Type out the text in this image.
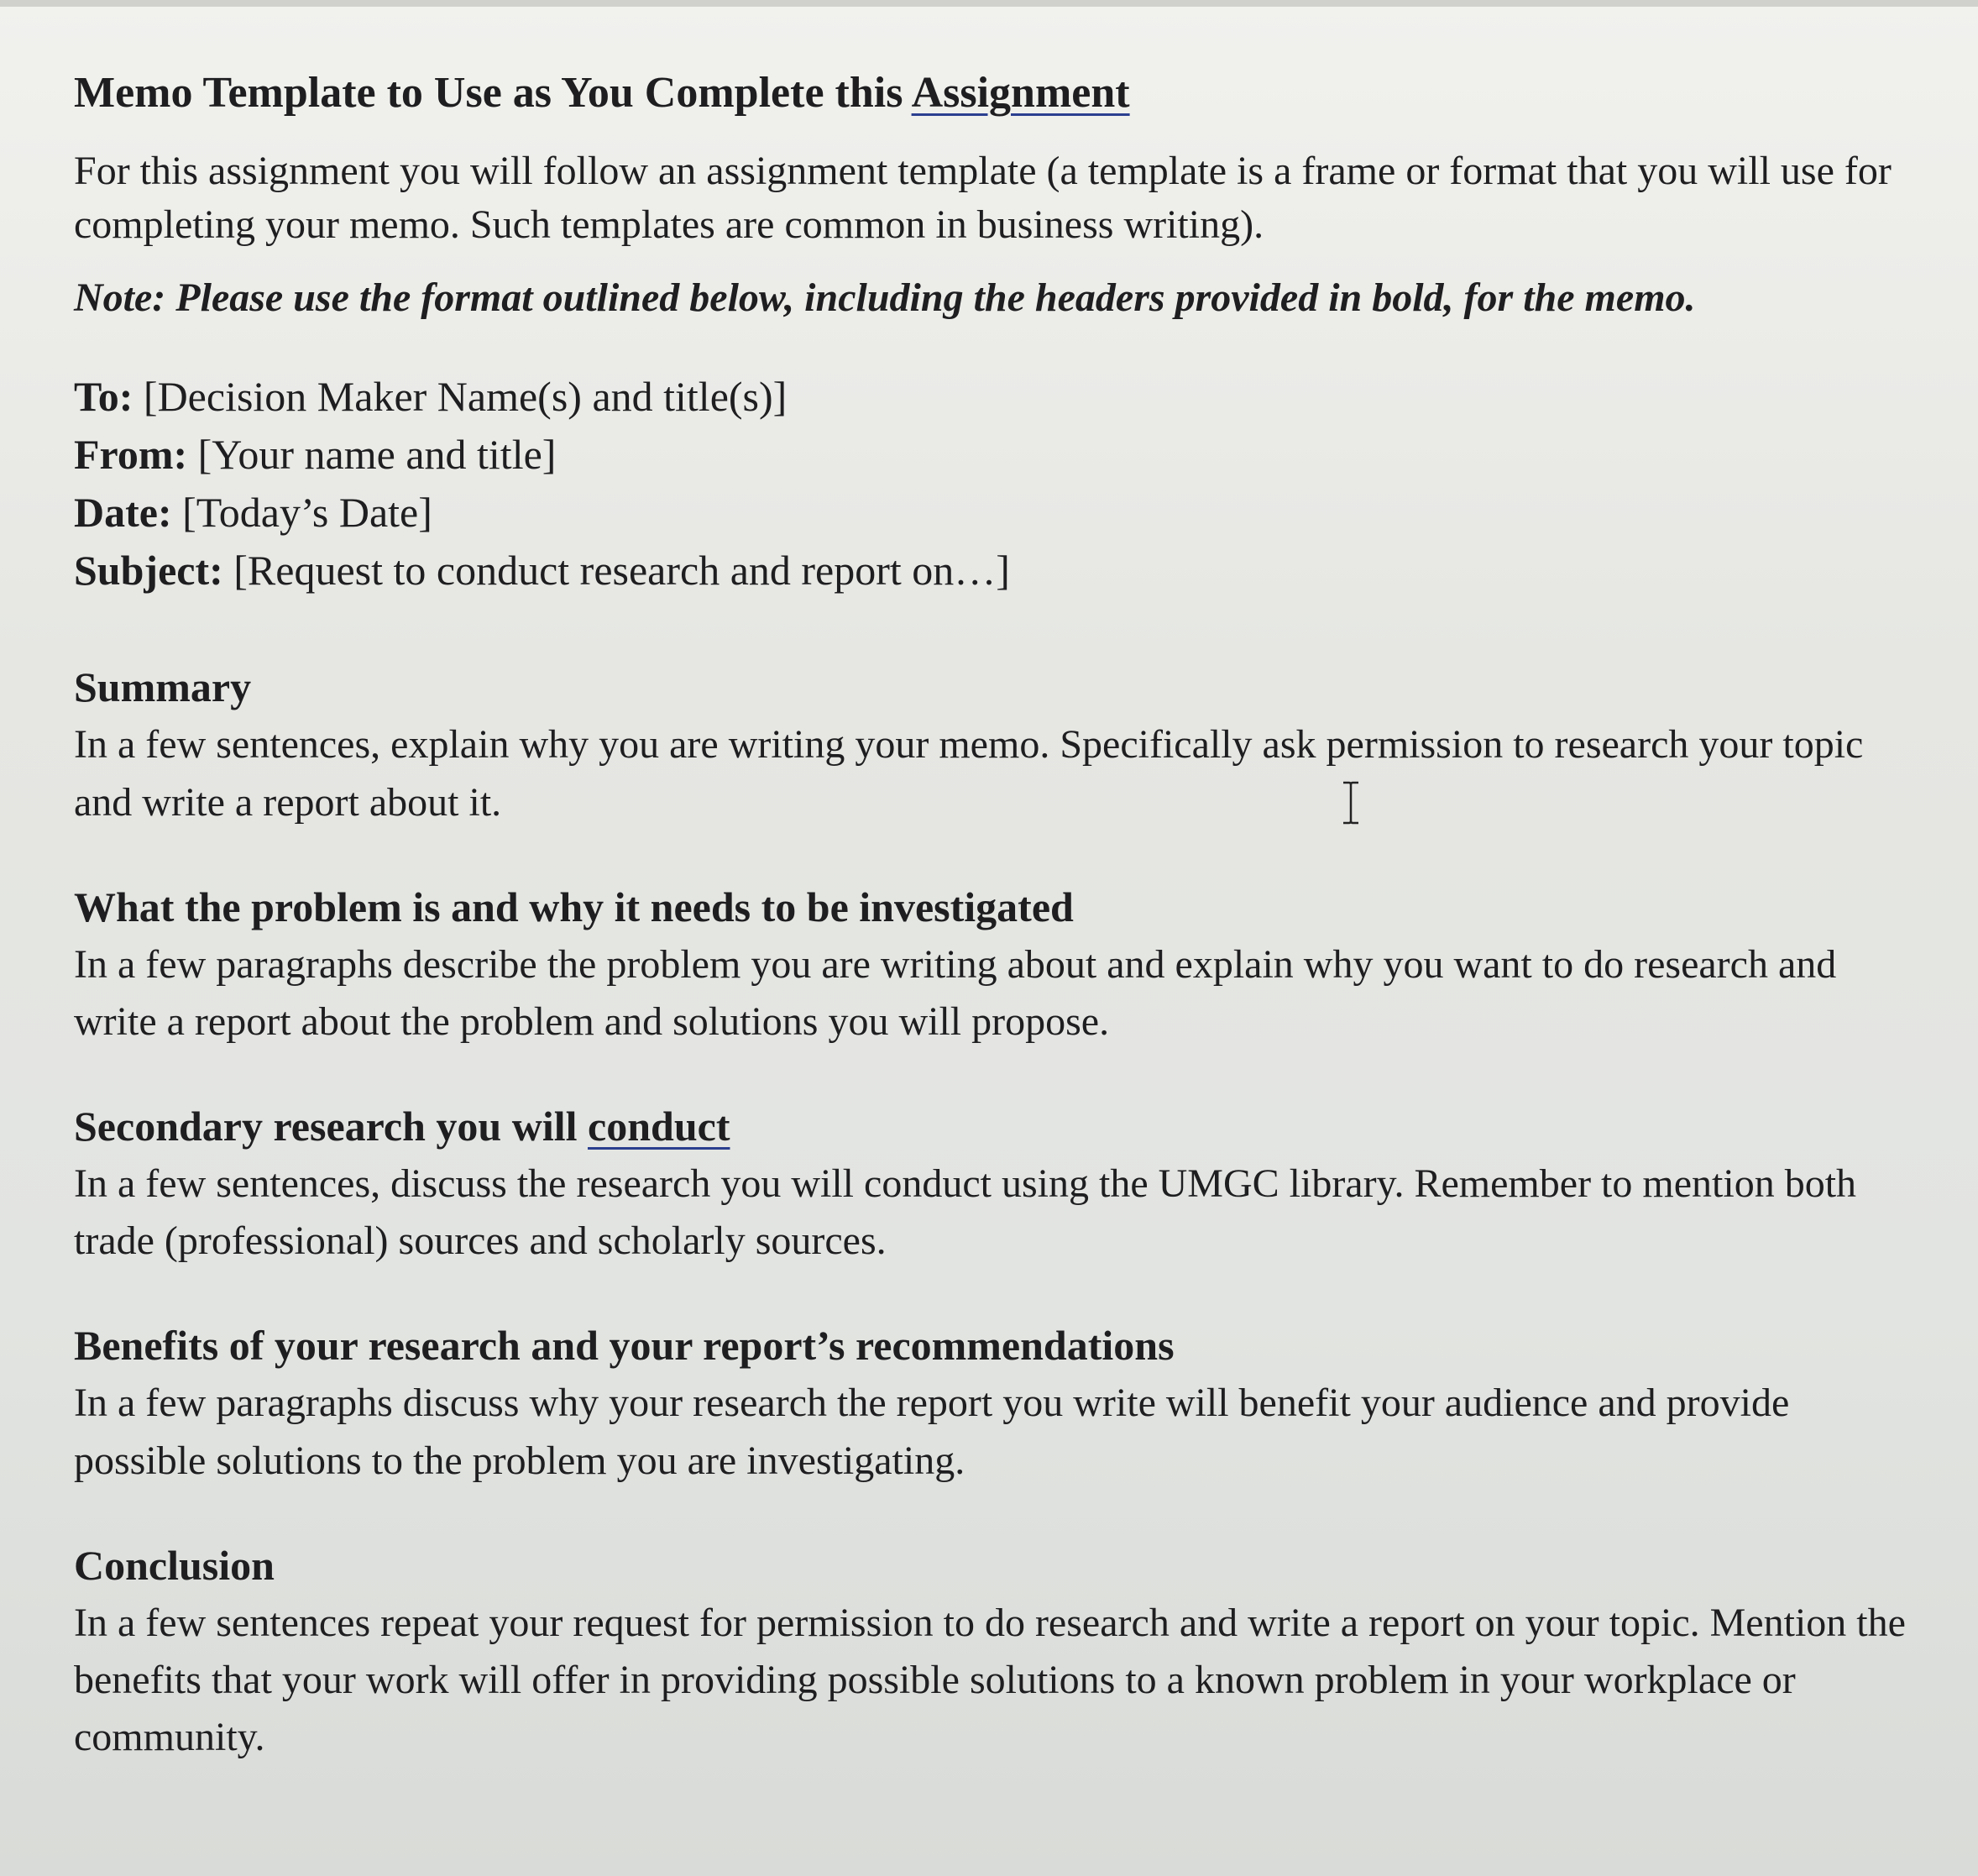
Memo Template to Use as You Complete this Assignment

For this assignment you will follow an assignment template (a template is a frame or format that you will use for completing your memo. Such templates are common in business writing).

Note: Please use the format outlined below, including the headers provided in bold, for the memo.

To: [Decision Maker Name(s) and title(s)]
From: [Your name and title]
Date: [Today’s Date]
Subject: [Request to conduct research and report on…]
Summary

In a few sentences, explain why you are writing your memo. Specifically ask permission to research your topic and write a report about it.

What the problem is and why it needs to be investigated

In a few paragraphs describe the problem you are writing about and explain why you want to do research and write a report about the problem and solutions you will propose.

Secondary research you will conduct

In a few sentences, discuss the research you will conduct using the UMGC library. Remember to mention both trade (professional) sources and scholarly sources.

Benefits of your research and your report’s recommendations

In a few paragraphs discuss why your research the report you write will benefit your audience and provide possible solutions to the problem you are investigating.

Conclusion

In a few sentences repeat your request for permission to do research and write a report on your topic. Mention the benefits that your work will offer in providing possible solutions to a known problem in your workplace or community.
